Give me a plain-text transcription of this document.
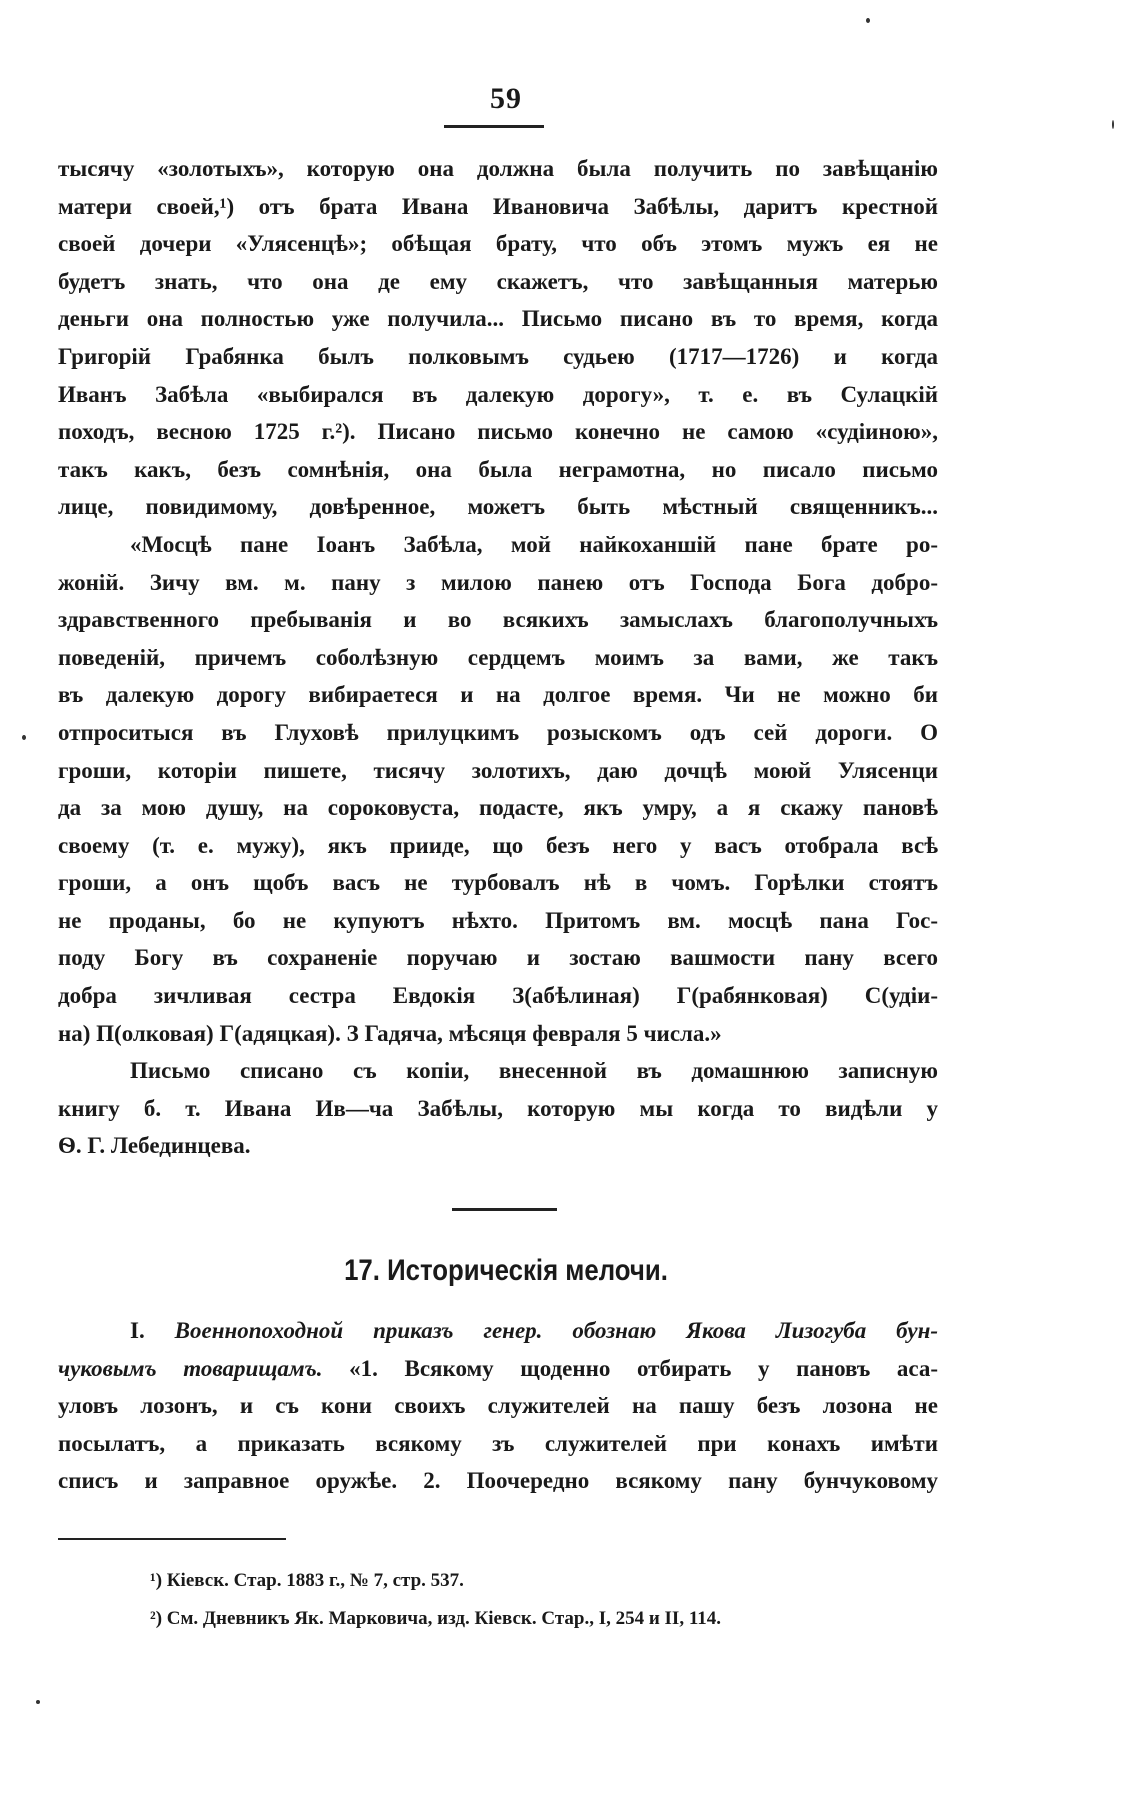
59
тысячу «золотыхъ», которую она должна была получить по завѣщанію
матери своей,¹) отъ брата Ивана Ивановича Забѣлы, даритъ крестной
своей дочери «Улясенцѣ»; обѣщая брату, что объ этомъ мужъ ея не
будетъ знать, что она де ему скажетъ, что завѣщанныя матерью
деньги она полностью уже получила... Письмо писано въ то время, когда
Григорій Грабянка былъ полковымъ судьею (1717—1726) и когда
Иванъ Забѣла «выбирался въ далекую дорогу», т. е. въ Сулацкій
походъ, весною 1725 г.²). Писано письмо конечно не самою «судіиною»,
такъ какъ, безъ сомнѣнія, она была неграмотна, но писало письмо
лице, повидимому, довѣренное, можетъ быть мѣстный священникъ...
«Мосцѣ пане Іоанъ Забѣла, мой найкоханшій пане брате ро-
жоній. Зичу вм. м. пану з милою панею отъ Господа Бога добро-
здравственного пребыванія и во всякихъ замыслахъ благополучныхъ
поведеній, причемъ соболѣзную сердцемъ моимъ за вами, же такъ
въ далекую дорогу вибираетеся и на долгое время. Чи не можно би
отпроситыся въ Глуховѣ прилуцкимъ розыскомъ одъ сей дороги. О
гроши, которіи пишете, тисячу золотихъ, даю дочцѣ моюй Улясенци
да за мою душу, на сороковуста, подасте, якъ умру, а я скажу пановѣ
своему (т. е. мужу), якъ прииде, що безъ него у васъ отобрала всѣ
гроши, а онъ щобъ васъ не турбовалъ нѣ в чомъ. Горѣлки стоятъ
не проданы, бо не купуютъ нѣхто. Притомъ вм. мосцѣ пана Гос-
поду Богу въ сохраненіе поручаю и зостаю вашмости пану всего
добра зичливая сестра Евдокія З(абѣлиная) Г(рабянковая) С(удіи-
на) П(олковая) Г(адяцкая). З Гадяча, мѣсяця февраля 5 числа.»
Письмо списано съ копіи, внесенной въ домашнюю записную
книгу б. т. Ивана Ив—ча Забѣлы, которую мы когда то видѣли у
Ѳ. Г. Лебединцева.
17. Историческія мелочи.
I. Военнопоходной приказъ генер. обознаю Якова Лизогуба бун-
чуковымъ товарищамъ. «1. Всякому щоденно отбирать у пановъ аса-
уловъ лозонъ, и съ кони своихъ служителей на пашу безъ лозона не
посылатъ, а приказать всякому зъ служителей при конахъ имѣти
списъ и заправное оружѣе. 2. Поочередно всякому пану бунчуковому
¹) Кіевск. Стар. 1883 г., № 7, стр. 537.
²) См. Дневникъ Як. Марковича, изд. Кіевск. Стар., І, 254 и ІІ, 114.
